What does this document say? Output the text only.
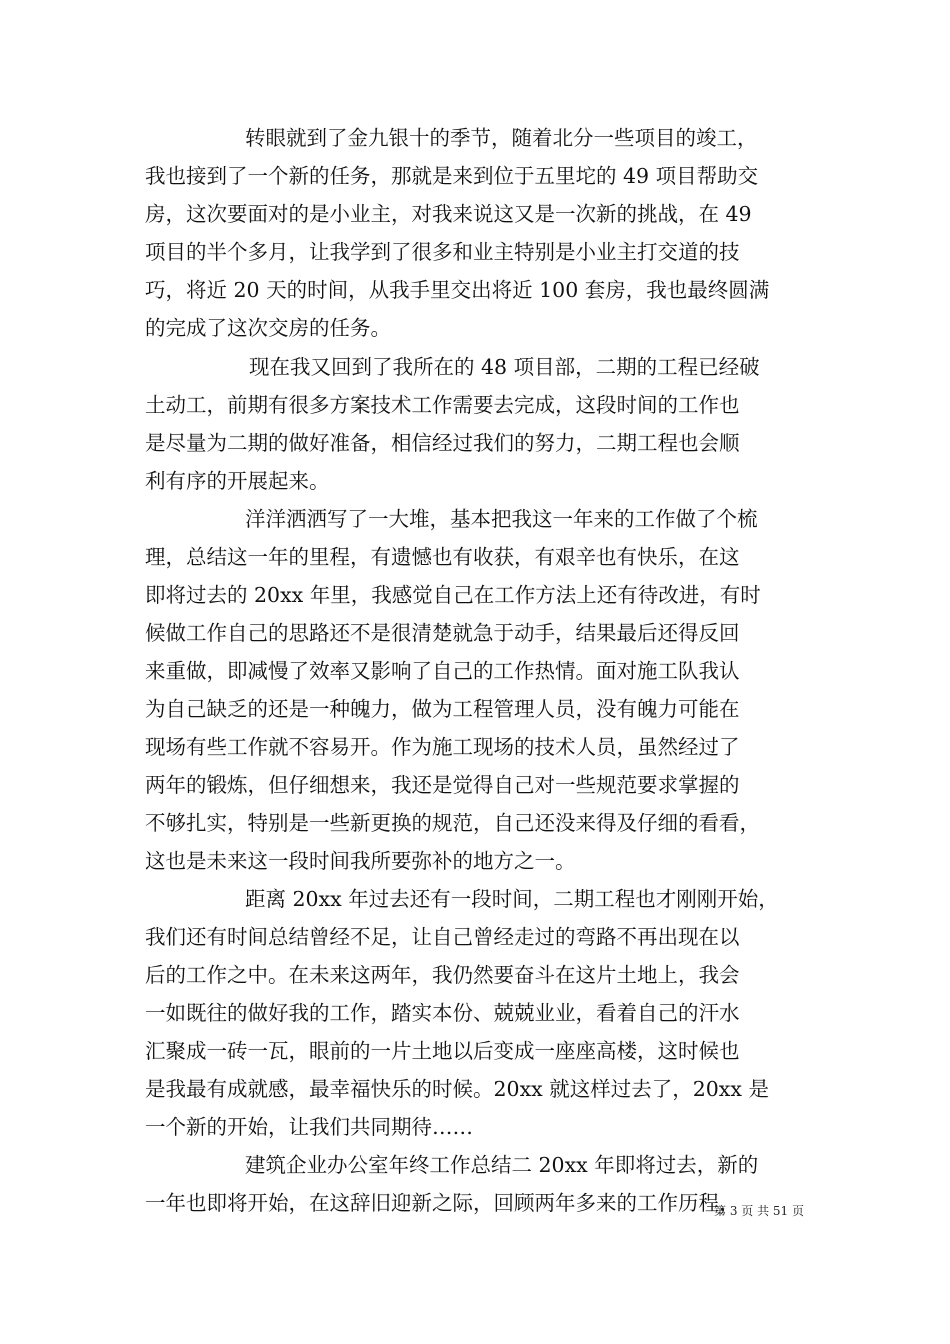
转眼就到了金九银十的季节，随着北分一些项目的竣工，
我也接到了一个新的任务，那就是来到位于五里坨的 49 项目帮助交
房，这次要面对的是小业主，对我来说这又是一次新的挑战，在 49
项目的半个多月，让我学到了很多和业主特别是小业主打交道的技
巧，将近 20 天的时间，从我手里交出将近 100 套房，我也最终圆满
的完成了这次交房的任务。
现在我又回到了我所在的 48 项目部，二期的工程已经破
土动工，前期有很多方案技术工作需要去完成，这段时间的工作也
是尽量为二期的做好准备，相信经过我们的努力，二期工程也会顺
利有序的开展起来。
洋洋洒洒写了一大堆，基本把我这一年来的工作做了个梳
理，总结这一年的里程，有遗憾也有收获，有艰辛也有快乐，在这
即将过去的 20xx 年里，我感觉自己在工作方法上还有待改进，有时
候做工作自己的思路还不是很清楚就急于动手，结果最后还得反回
来重做，即减慢了效率又影响了自己的工作热情。面对施工队我认
为自己缺乏的还是一种魄力，做为工程管理人员，没有魄力可能在
现场有些工作就不容易开。作为施工现场的技术人员，虽然经过了
两年的锻炼，但仔细想来，我还是觉得自己对一些规范要求掌握的
不够扎实，特别是一些新更换的规范，自己还没来得及仔细的看看，
这也是未来这一段时间我所要弥补的地方之一。
距离 20xx 年过去还有一段时间，二期工程也才刚刚开始，
我们还有时间总结曾经不足，让自己曾经走过的弯路不再出现在以
后的工作之中。在未来这两年，我仍然要奋斗在这片土地上，我会
一如既往的做好我的工作，踏实本份、兢兢业业，看着自己的汗水
汇聚成一砖一瓦，眼前的一片土地以后变成一座座高楼，这时候也
是我最有成就感，最幸福快乐的时候。20xx 就这样过去了，20xx 是
一个新的开始，让我们共同期待……
建筑企业办公室年终工作总结二 20xx 年即将过去，新的
一年也即将开始，在这辞旧迎新之际，回顾两年多来的工作历程，
第 3 页 共 51 页
